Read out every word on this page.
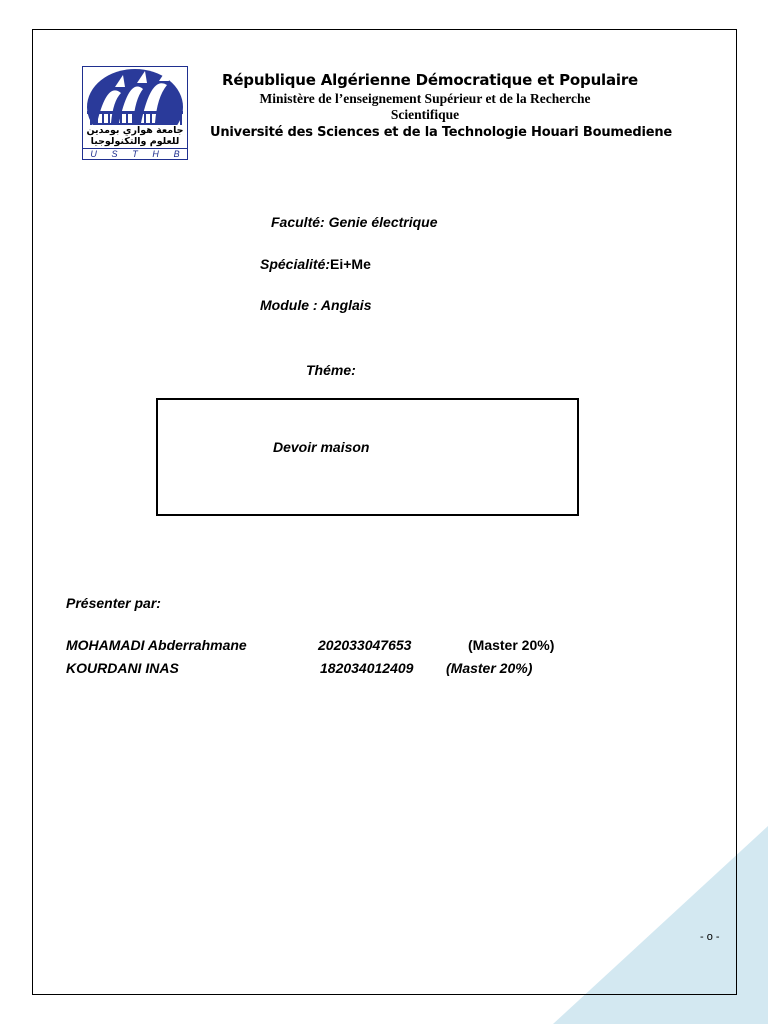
جامعة هواري بومدين
للعلوم والتكنولوجيا
U S T H B
République Algérienne Démocratique et Populaire
Ministère de l’enseignement Supérieur et de la Recherche Scientifique
Université des Sciences et de la Technologie Houari Boumediene
Faculté: Genie électrique
Spécialité:Ei+Me
Module : Anglais
Théme:
Devoir maison
Présenter par:
MOHAMADI Abderrahmane	202033047653	(Master 20%)
KOURDANI INAS	182034012409 (Master 20%)
- o -
